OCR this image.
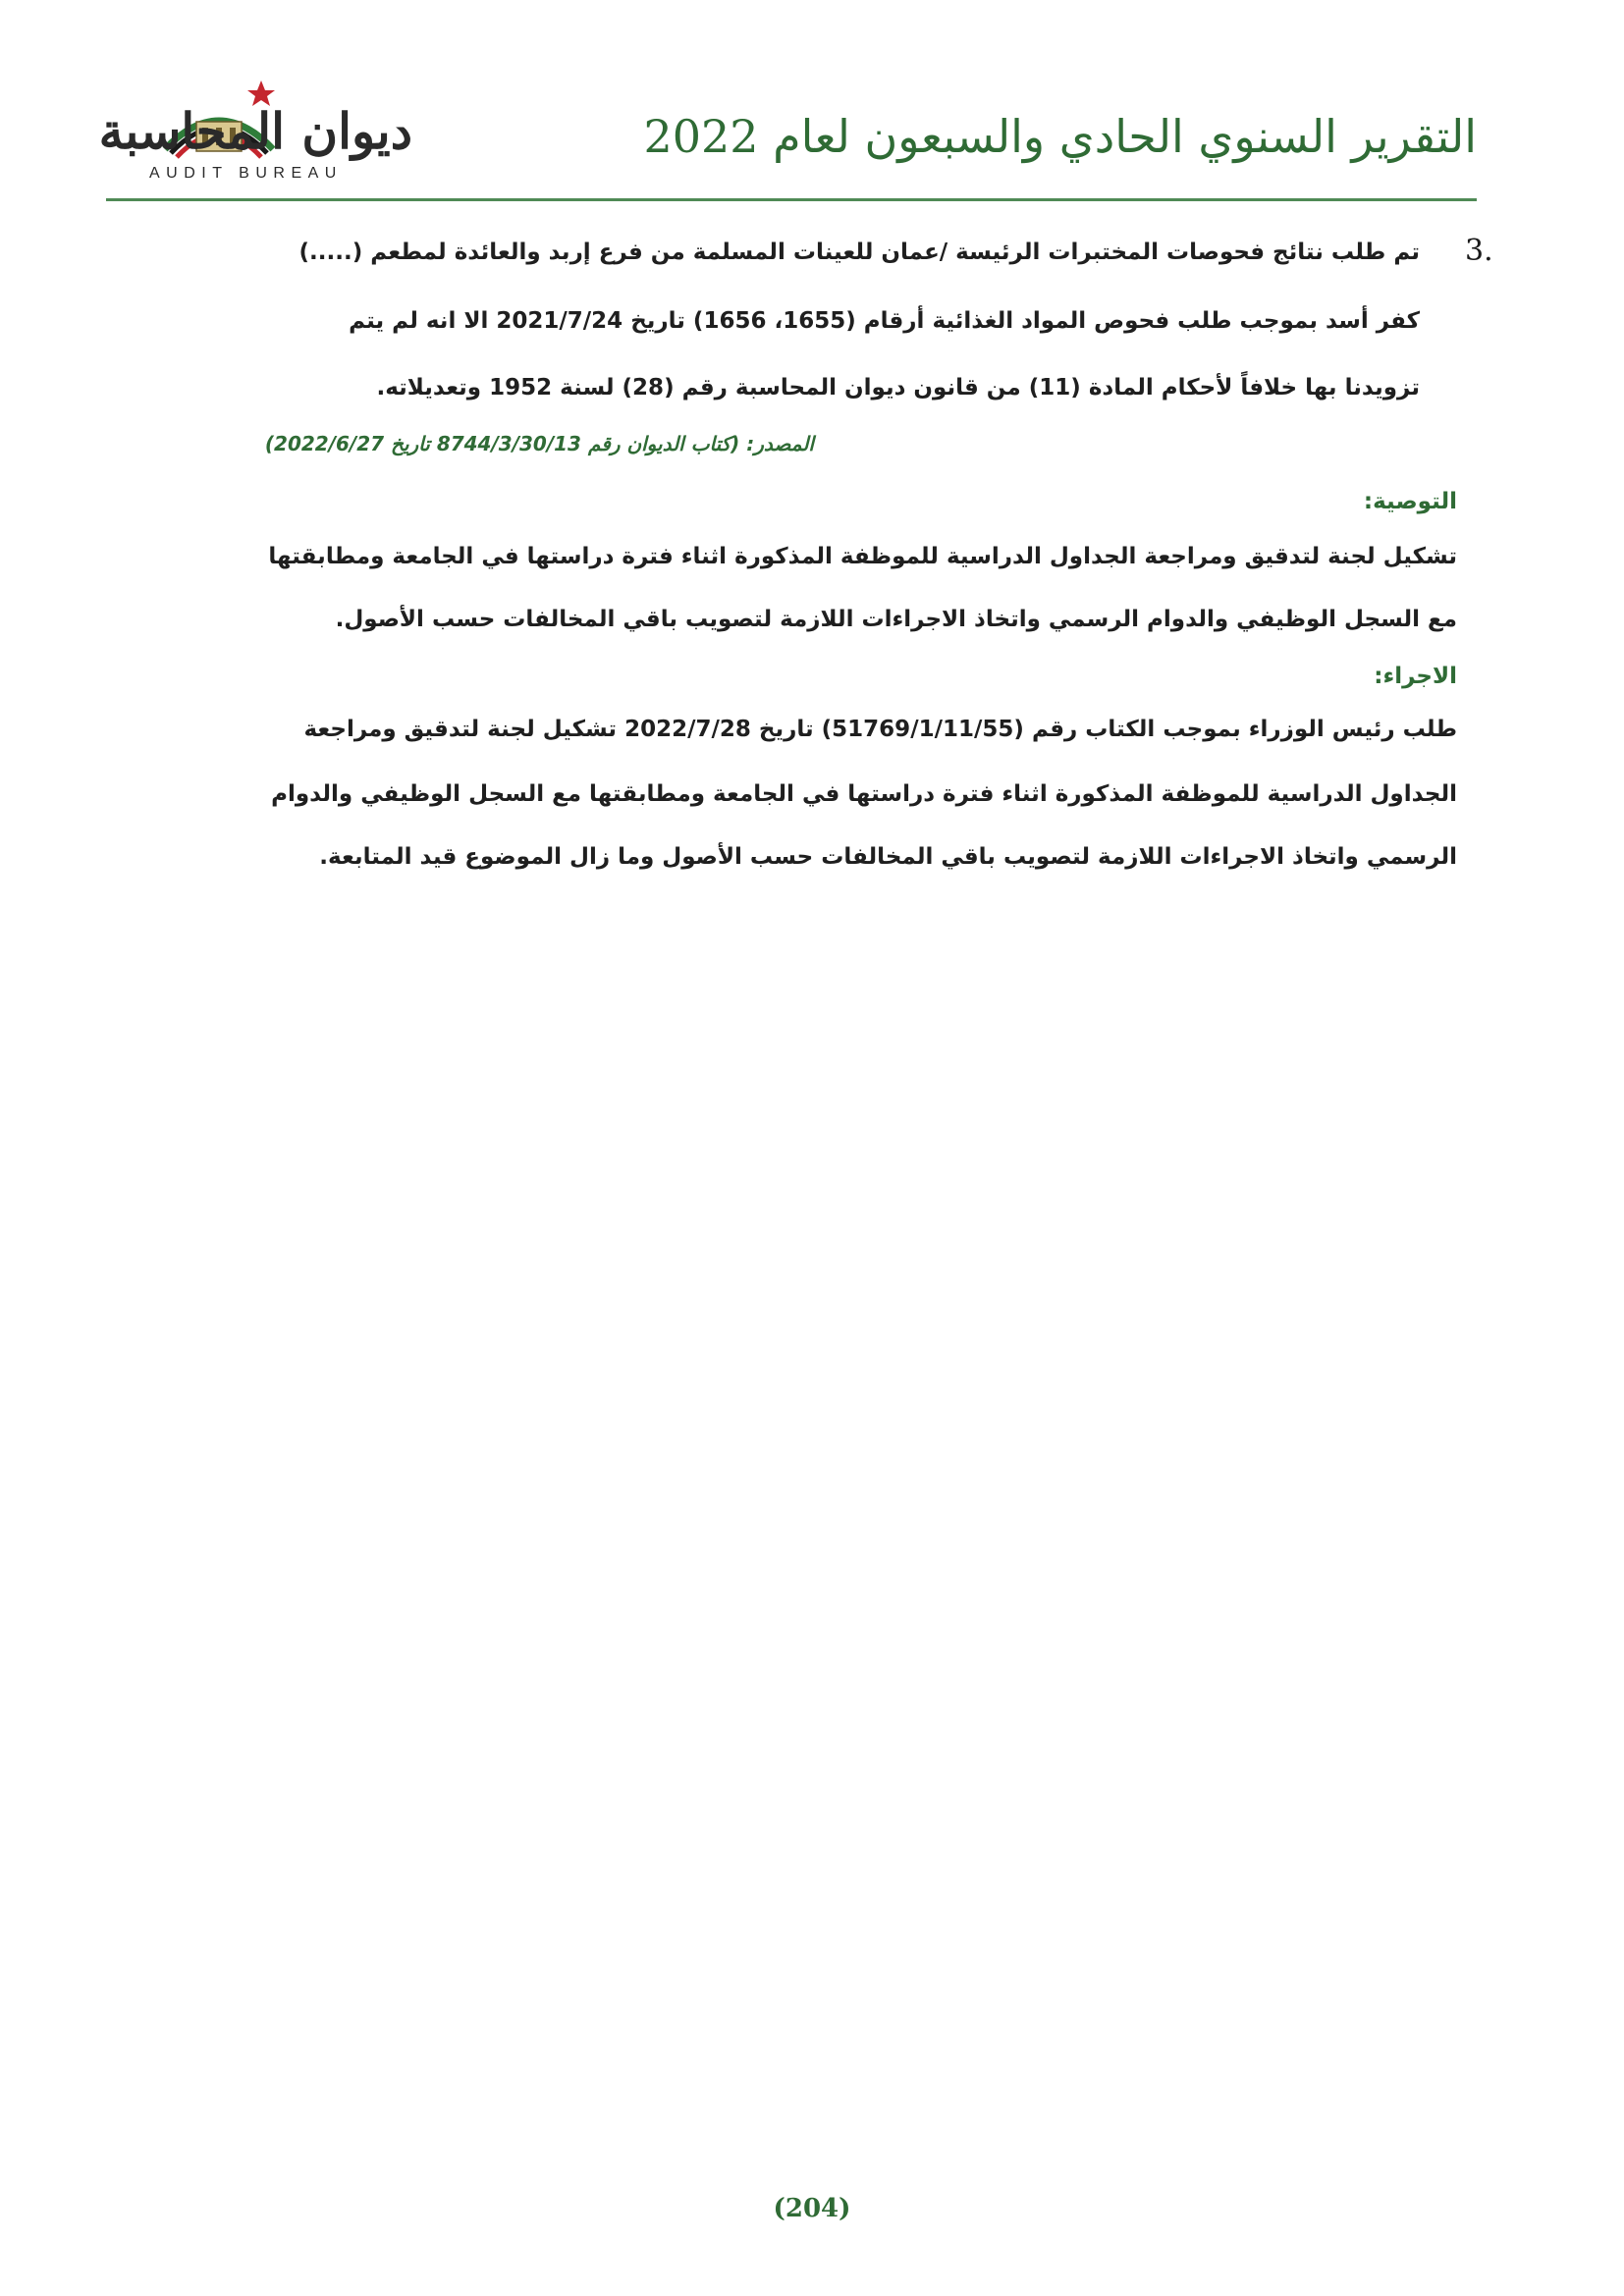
ديوان المحاسبة
AUDIT BUREAU
التقرير السنوي الحادي والسبعون لعام 2022
3.
تم طلب نتائج فحوصات المختبرات الرئيسة /عمان للعينات المسلمة من فرع إربد والعائدة لمطعم (.....)
كفر أسد بموجب طلب فحوص المواد الغذائية أرقام (1655، 1656) تاريخ 2021/7/24 الا انه لم يتم
تزويدنا بها خلافاً لأحكام المادة (11) من قانون ديوان المحاسبة رقم (28) لسنة 1952 وتعديلاته.
المصدر: (كتاب الديوان رقم 8744/3/30/13 تاريخ 2022/6/27)
التوصية:
تشكيل لجنة لتدقيق ومراجعة الجداول الدراسية للموظفة المذكورة اثناء فترة دراستها في الجامعة ومطابقتها
مع السجل الوظيفي والدوام الرسمي واتخاذ الاجراءات اللازمة لتصويب باقي المخالفات حسب الأصول.
الاجراء:
طلب رئيس الوزراء بموجب الكتاب رقم (51769/1/11/55) تاريخ 2022/7/28 تشكيل لجنة لتدقيق ومراجعة
الجداول الدراسية للموظفة المذكورة اثناء فترة دراستها في الجامعة ومطابقتها مع السجل الوظيفي والدوام
الرسمي واتخاذ الاجراءات اللازمة لتصويب باقي المخالفات حسب الأصول وما زال الموضوع قيد المتابعة.
(204)
